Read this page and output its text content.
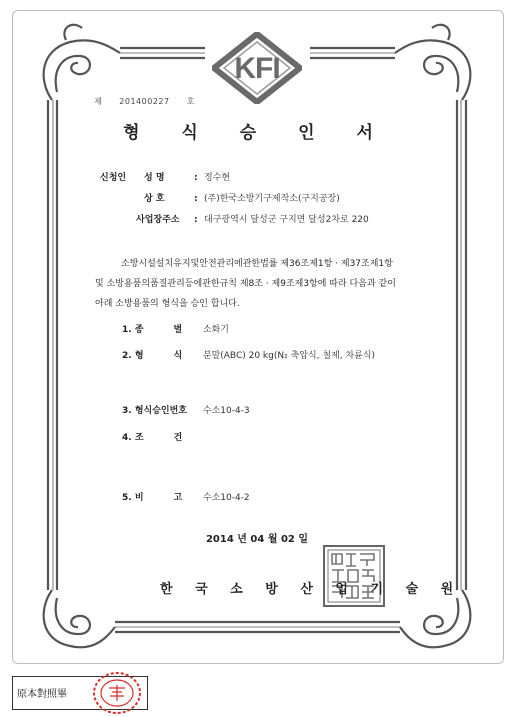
KFI
제 201400227 호
형 식 승 인 서
신청인	성 명	: 정수현
상 호	: (주)한국소방기구제작소(구지공장)
사업장주소	: 대구광역시 달성군 구지면 달성2차로 220

소방시설설치유지및안전관리에관한법률 제36조제1항 · 제37조제1항

및 소방용품의품질관리등에관한규칙 제8조 · 제9조제3항에 따라 다음과 같이

아래 소방용품의 형식을 승인 합니다.

1. 종	별 소화기
2. 형	식 분말(ABC) 20 kg(N₂ 축압식, 철제, 차륜식)
3. 형식승인번호 수소10-4-3
4. 조	건
5. 비	고 수소10-4-2
2014 년 04 월 02 일
한 국 소 방 산 업 기 술 원
原本對照畢
